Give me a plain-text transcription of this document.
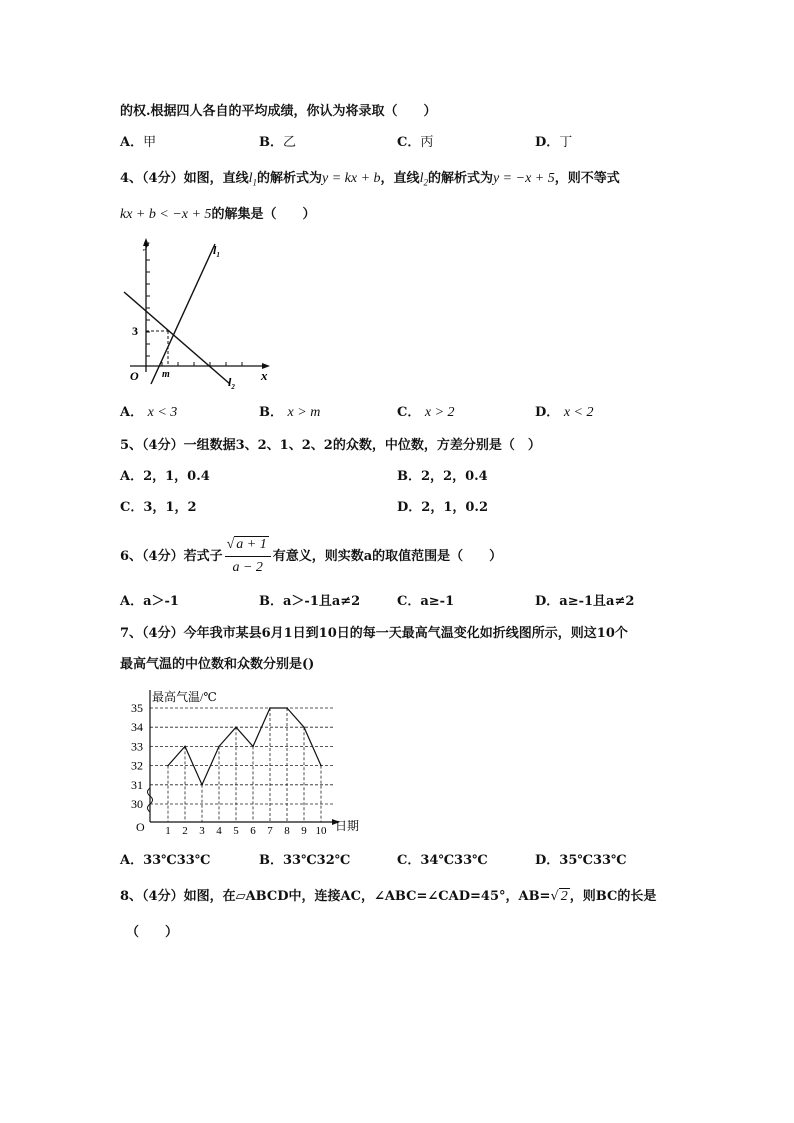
的权.根据四人各自的平均成绩，你认为将录取（　　）
A．甲	B．乙	C．丙	D．丁
4、（4分）如图，直线$l_1$的解析式为y = kx + b，直线$l_2$的解析式为y = −x + 5，则不等式
kx + b < −x + 5的解集是（　　）
y
x
O
3
m
$l_1$
$l_2$
A． x < 3	B． x > m	C． x > 2	D． x < 2
5、（4分）一组数据3、2、1、2、2的众数，中位数，方差分别是（　）
A．2，1，0.4	B．2，2，0.4
C．3，1，2	D．2，1，0.2
6、（4分）若式子 $\frac{√ a + 1}{a - 2}$ 有意义，则实数a的取值范围是（　　）
A．a＞-1	B．a＞-1且a≠2	C．a≥-1	D．a≥-1且a≠2
7、（4分）今年我市某县6月1日到10日的每一天最高气温变化如折线图所示，则这10个
最高气温的中位数和众数分别是()
最高气温/℃
日期
O
30
31
32
33
34
35
1 2 3 4 5 6 7 8 9 10
A．33℃33℃	B．33℃32℃	C．34℃33℃	D．35℃33℃
8、（4分）如图，在▱ABCD中，连接AC，∠ABC=∠CAD=45°，AB=√ 2 ，则BC的长是
（　　）
